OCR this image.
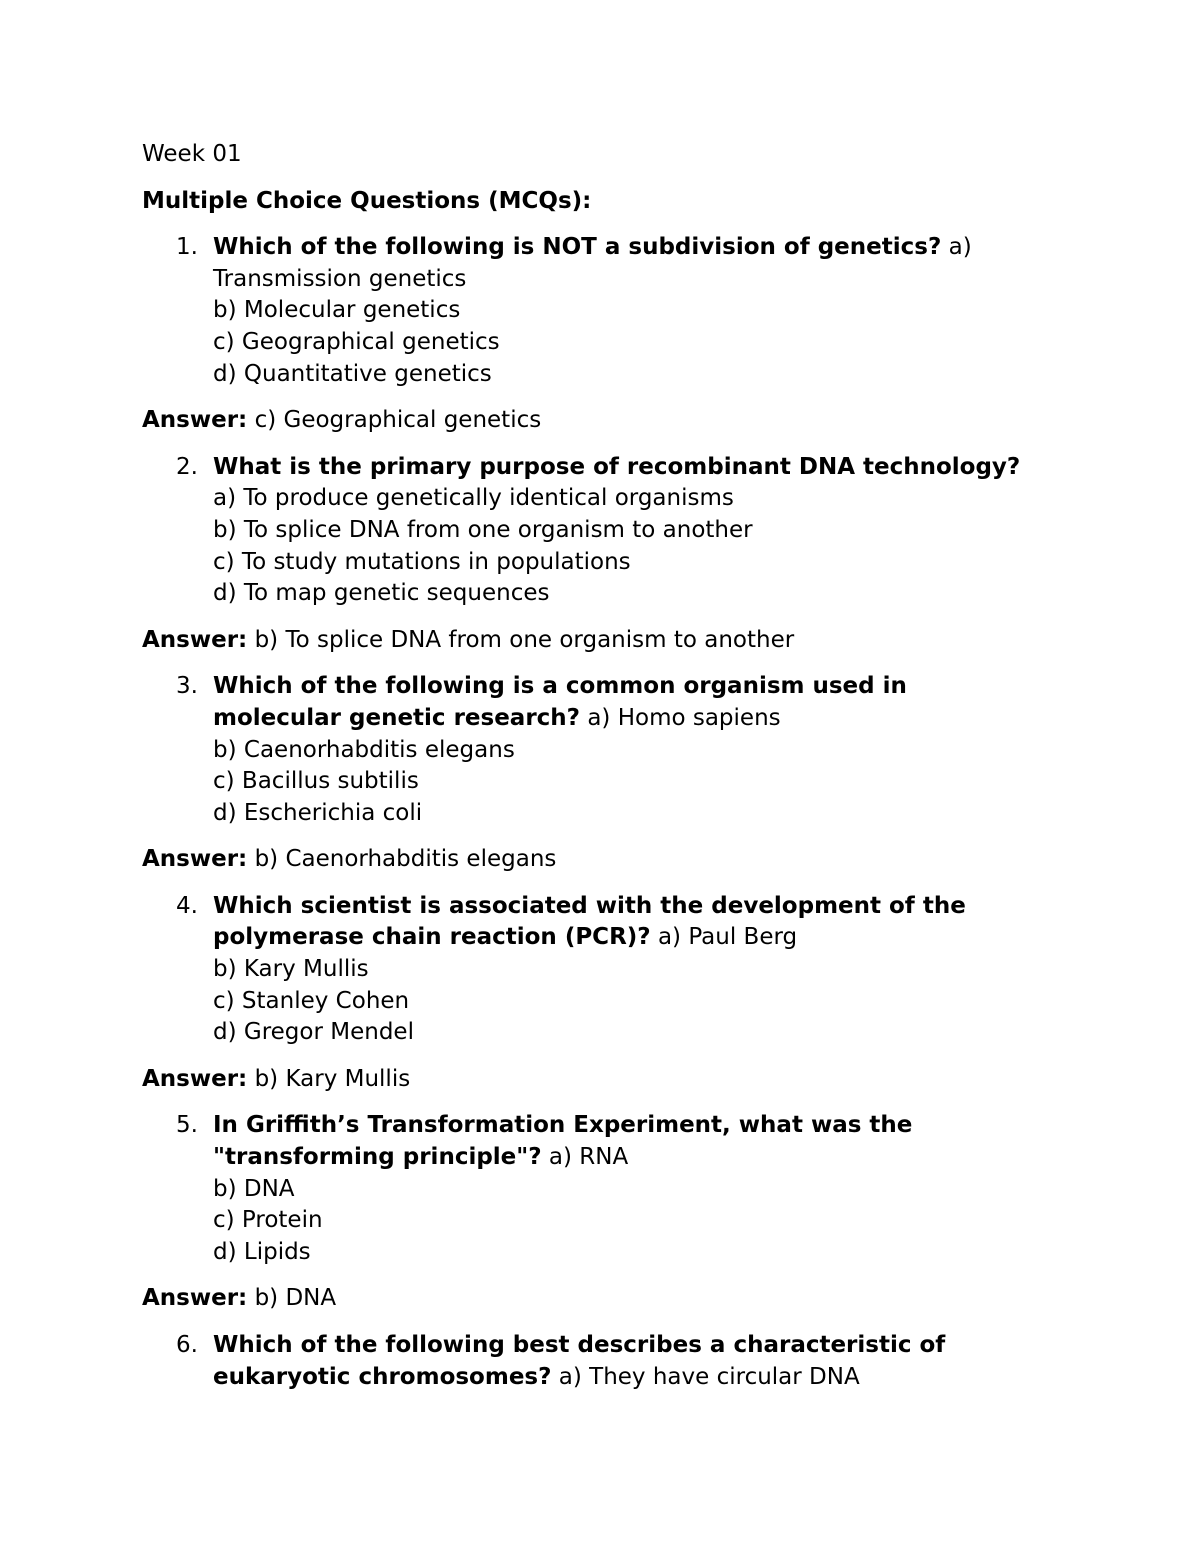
Week 01
Multiple Choice Questions (MCQs):
1. Which of the following is NOT a subdivision of genetics? a)
Transmission genetics
b) Molecular genetics
c) Geographical genetics
d) Quantitative genetics
Answer: c) Geographical genetics
2. What is the primary purpose of recombinant DNA technology?
a) To produce genetically identical organisms
b) To splice DNA from one organism to another
c) To study mutations in populations
d) To map genetic sequences
Answer: b) To splice DNA from one organism to another
3. Which of the following is a common organism used in
molecular genetic research? a) Homo sapiens
b) Caenorhabditis elegans
c) Bacillus subtilis
d) Escherichia coli
Answer: b) Caenorhabditis elegans
4. Which scientist is associated with the development of the
polymerase chain reaction (PCR)? a) Paul Berg
b) Kary Mullis
c) Stanley Cohen
d) Gregor Mendel
Answer: b) Kary Mullis
5. In Griffith’s Transformation Experiment, what was the
"transforming principle"? a) RNA
b) DNA
c) Protein
d) Lipids
Answer: b) DNA
6. Which of the following best describes a characteristic of
eukaryotic chromosomes? a) They have circular DNA
